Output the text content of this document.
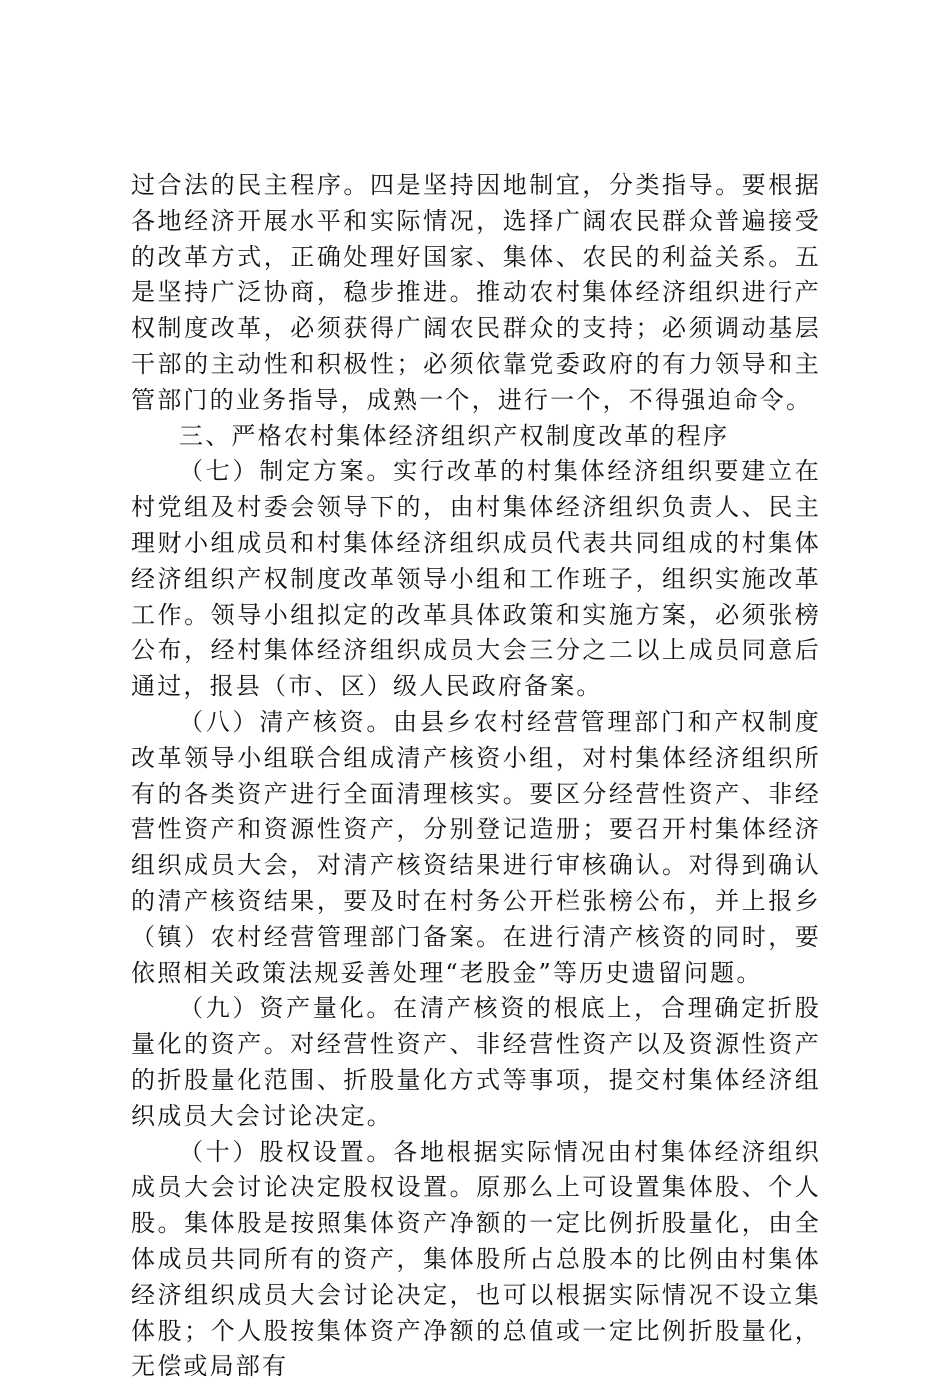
过合法的民主程序。四是坚持因地制宜，分类指导。要根据各地经济开展水平和实际情况，选择广阔农民群众普遍接受的改革方式，正确处理好国家、集体、农民的利益关系。五是坚持广泛协商，稳步推进。推动农村集体经济组织进行产权制度改革，必须获得广阔农民群众的支持；必须调动基层干部的主动性和积极性；必须依靠党委政府的有力领导和主管部门的业务指导，成熟一个，进行一个，不得强迫命令。

三、严格农村集体经济组织产权制度改革的程序

（七）制定方案。实行改革的村集体经济组织要建立在村党组及村委会领导下的，由村集体经济组织负责人、民主理财小组成员和村集体经济组织成员代表共同组成的村集体经济组织产权制度改革领导小组和工作班子，组织实施改革工作。领导小组拟定的改革具体政策和实施方案，必须张榜公布，经村集体经济组织成员大会三分之二以上成员同意后通过，报县（市、区）级人民政府备案。

（八）清产核资。由县乡农村经营管理部门和产权制度改革领导小组联合组成清产核资小组，对村集体经济组织所有的各类资产进行全面清理核实。要区分经营性资产、非经营性资产和资源性资产，分别登记造册；要召开村集体经济组织成员大会，对清产核资结果进行审核确认。对得到确认的清产核资结果，要及时在村务公开栏张榜公布，并上报乡（镇）农村经营管理部门备案。在进行清产核资的同时，要依照相关政策法规妥善处理“老股金”等历史遗留问题。

（九）资产量化。在清产核资的根底上，合理确定折股量化的资产。对经营性资产、非经营性资产以及资源性资产的折股量化范围、折股量化方式等事项，提交村集体经济组织成员大会讨论决定。

（十）股权设置。各地根据实际情况由村集体经济组织成员大会讨论决定股权设置。原那么上可设置集体股、个人股。集体股是按照集体资产净额的一定比例折股量化，由全体成员共同所有的资产，集体股所占总股本的比例由村集体经济组织成员大会讨论决定，也可以根据实际情况不设立集体股；个人股按集体资产净额的总值或一定比例折股量化，无偿或局部有
